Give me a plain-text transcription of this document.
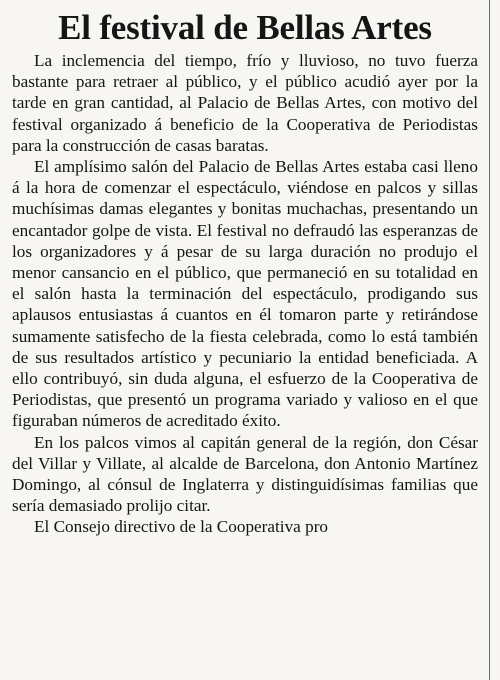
El festival de Bellas Artes

La inclemencia del tiempo, frío y lluvioso, no tuvo fuerza bastante para retraer al público, y el público acudió ayer por la tarde en gran cantidad, al Palacio de Bellas Artes, con motivo del festival organizado á beneficio de la Cooperativa de Periodistas para la construcción de casas baratas.

El amplísimo salón del Palacio de Bellas Artes estaba casi lleno á la hora de comenzar el espectáculo, viéndose en palcos y sillas muchísimas damas elegantes y bonitas muchachas, presentando un encantador golpe de vista. El festival no defraudó las esperanzas de los organizadores y á pesar de su larga duración no produjo el menor cansancio en el público, que permaneció en su totalidad en el salón hasta la terminación del espectáculo, prodigando sus aplausos entusiastas á cuantos en él tomaron parte y retirándose sumamente satisfecho de la fiesta celebrada, como lo está también de sus resultados artístico y pecuniario la entidad beneficiada. A ello contribuyó, sin duda alguna, el esfuerzo de la Cooperativa de Periodistas, que presentó un programa variado y valioso en el que figuraban números de acreditado éxito.

En los palcos vimos al capitán general de la región, don César del Villar y Villate, al alcalde de Barcelona, don Antonio Martínez Domingo, al cónsul de Inglaterra y distinguidísimas familias que sería demasiado prolijo citar.

El Consejo directivo de la Cooperativa pro
